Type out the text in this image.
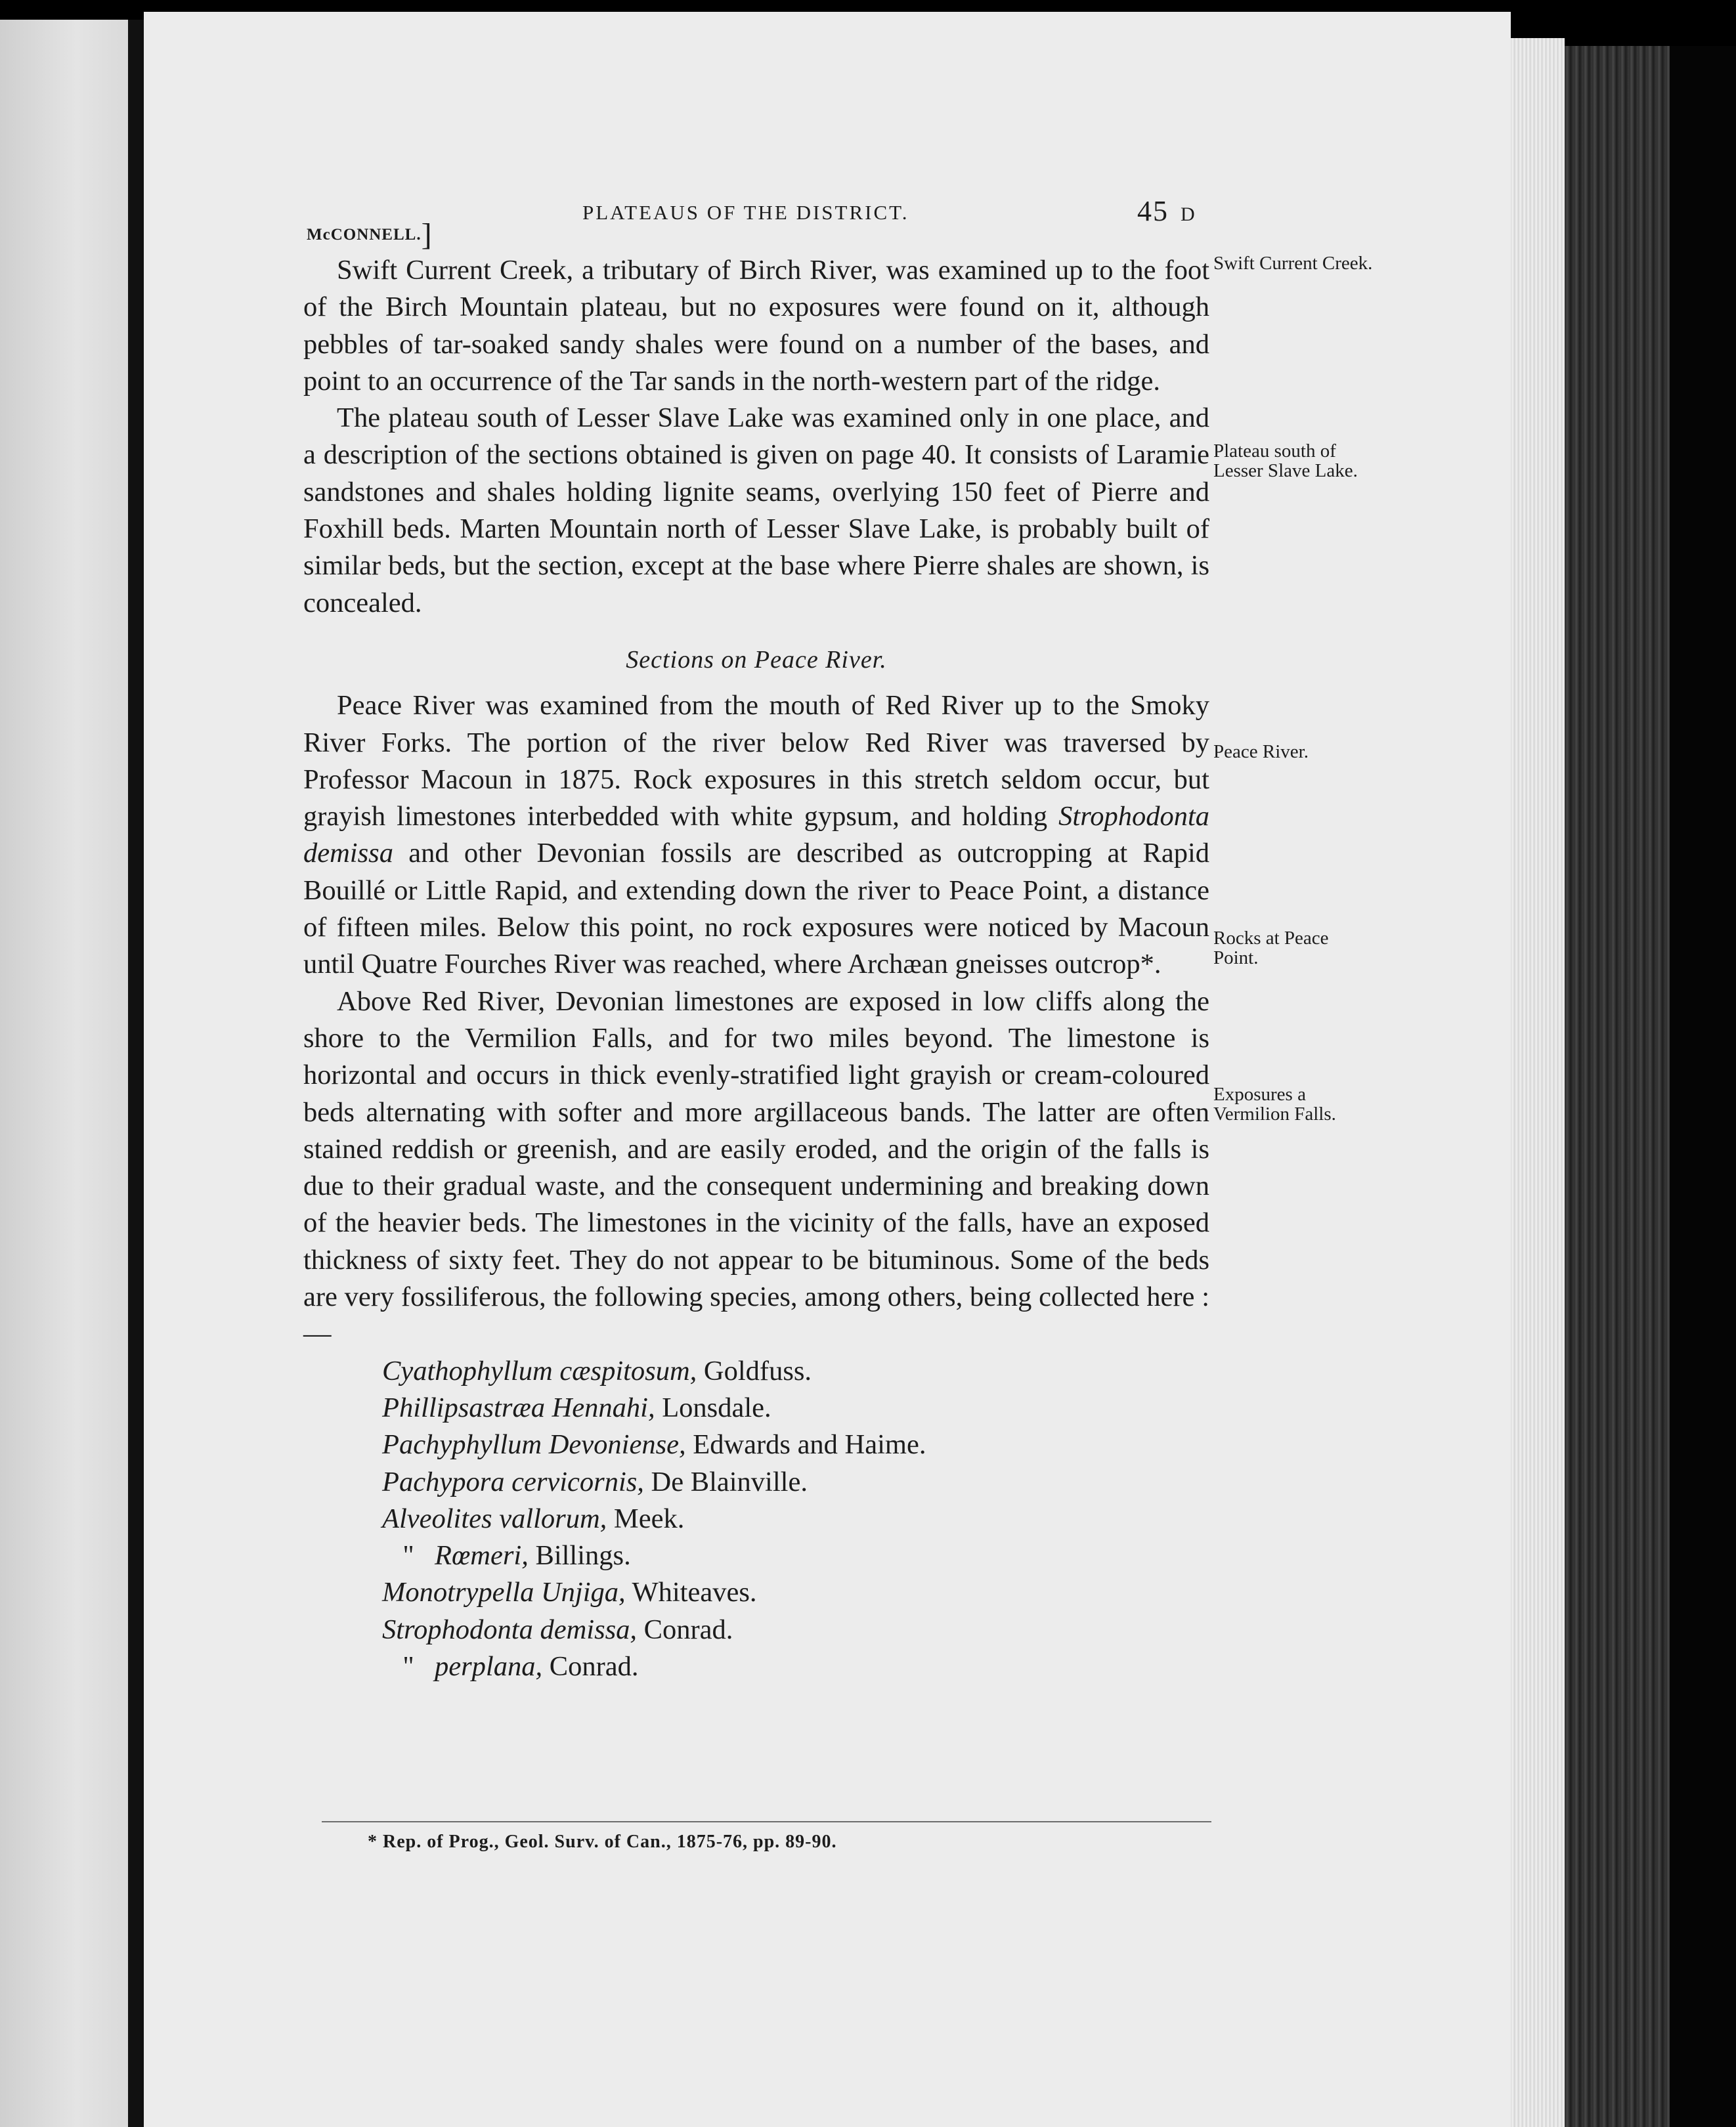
McCONNELL.]
PLATEAUS OF THE DISTRICT.	45 D

Swift Current Creek, a tributary of Birch River, was examined up to the foot of the Birch Mountain plateau, but no exposures were found on it, although pebbles of tar-soaked sandy shales were found on a number of the bases, and point to an occurrence of the Tar sands in the north-western part of the ridge.

The plateau south of Lesser Slave Lake was examined only in one place, and a description of the sections obtained is given on page 40. It consists of Laramie sandstones and shales holding lignite seams, overlying 150 feet of Pierre and Foxhill beds. Marten Mountain north of Lesser Slave Lake, is probably built of similar beds, but the section, except at the base where Pierre shales are shown, is concealed.

Sections on Peace River.

Peace River was examined from the mouth of Red River up to the Smoky River Forks. The portion of the river below Red River was traversed by Professor Macoun in 1875. Rock exposures in this stretch seldom occur, but grayish limestones interbedded with white gypsum, and holding Strophodonta demissa and other Devonian fossils are described as outcropping at Rapid Bouillé or Little Rapid, and extending down the river to Peace Point, a distance of fifteen miles. Below this point, no rock exposures were noticed by Macoun until Quatre Fourches River was reached, where Archæan gneisses outcrop*.

Above Red River, Devonian limestones are exposed in low cliffs along the shore to the Vermilion Falls, and for two miles beyond. The limestone is horizontal and occurs in thick evenly-stratified light grayish or cream-coloured beds alternating with softer and more argillaceous bands. The latter are often stained reddish or greenish, and are easily eroded, and the origin of the falls is due to their gradual waste, and the consequent undermining and breaking down of the heavier beds. The limestones in the vicinity of the falls, have an exposed thickness of sixty feet. They do not appear to be bituminous. Some of the beds are very fossiliferous, the following species, among others, being collected here :—

Cyathophyllum cæspitosum, Goldfuss.
Phillipsastræa Hennahi, Lonsdale.
Pachyphyllum Devoniense, Edwards and Haime.
Pachypora cervicornis, De Blainville.
Alveolites vallorum, Meek.
" Rœmeri, Billings.
Monotrypella Unjiga, Whiteaves.
Strophodonta demissa, Conrad.
" perplana, Conrad.
Swift Current Creek.
Plateau south of Lesser Slave Lake.
Peace River.
Rocks at Peace Point.
Exposures a Vermilion Falls.
* Rep. of Prog., Geol. Surv. of Can., 1875-76, pp. 89-90.
